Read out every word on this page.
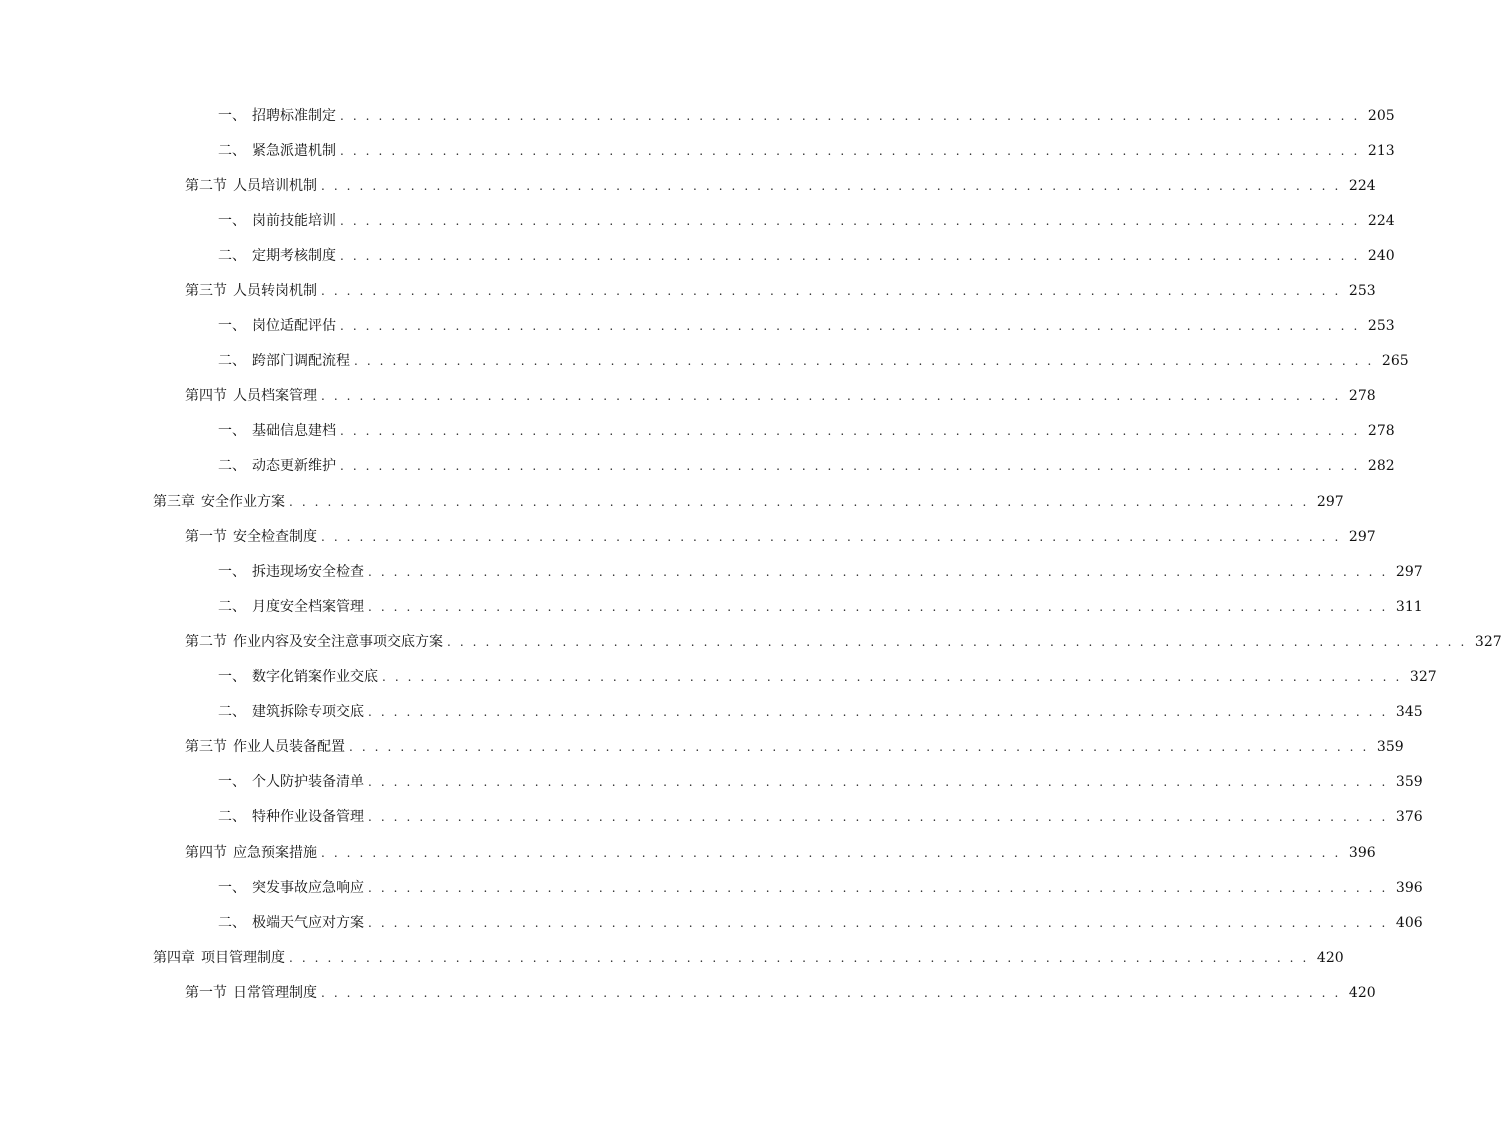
一、 招聘标准制定 . . . . . . . . . . . . . . . . . . . . . . . . . . . . . . . . . . . . . . . . . . . . . . . . . . . . . . . . . . . . . . . . . . . . . . . . . . . . . . . . 205
二、 紧急派遣机制 . . . . . . . . . . . . . . . . . . . . . . . . . . . . . . . . . . . . . . . . . . . . . . . . . . . . . . . . . . . . . . . . . . . . . . . . . . . . . . . . 213
第二节 人员培训机制 . . . . . . . . . . . . . . . . . . . . . . . . . . . . . . . . . . . . . . . . . . . . . . . . . . . . . . . . . . . . . . . . . . . . . . . . . . . . . . . . 224
一、 岗前技能培训 . . . . . . . . . . . . . . . . . . . . . . . . . . . . . . . . . . . . . . . . . . . . . . . . . . . . . . . . . . . . . . . . . . . . . . . . . . . . . . . . 224
二、 定期考核制度 . . . . . . . . . . . . . . . . . . . . . . . . . . . . . . . . . . . . . . . . . . . . . . . . . . . . . . . . . . . . . . . . . . . . . . . . . . . . . . . . 240
第三节 人员转岗机制 . . . . . . . . . . . . . . . . . . . . . . . . . . . . . . . . . . . . . . . . . . . . . . . . . . . . . . . . . . . . . . . . . . . . . . . . . . . . . . . . 253
一、 岗位适配评估 . . . . . . . . . . . . . . . . . . . . . . . . . . . . . . . . . . . . . . . . . . . . . . . . . . . . . . . . . . . . . . . . . . . . . . . . . . . . . . . . 253
二、 跨部门调配流程 . . . . . . . . . . . . . . . . . . . . . . . . . . . . . . . . . . . . . . . . . . . . . . . . . . . . . . . . . . . . . . . . . . . . . . . . . . . . . . . . 265
第四节 人员档案管理 . . . . . . . . . . . . . . . . . . . . . . . . . . . . . . . . . . . . . . . . . . . . . . . . . . . . . . . . . . . . . . . . . . . . . . . . . . . . . . . . 278
一、 基础信息建档 . . . . . . . . . . . . . . . . . . . . . . . . . . . . . . . . . . . . . . . . . . . . . . . . . . . . . . . . . . . . . . . . . . . . . . . . . . . . . . . . 278
二、 动态更新维护 . . . . . . . . . . . . . . . . . . . . . . . . . . . . . . . . . . . . . . . . . . . . . . . . . . . . . . . . . . . . . . . . . . . . . . . . . . . . . . . . 282
第三章 安全作业方案 . . . . . . . . . . . . . . . . . . . . . . . . . . . . . . . . . . . . . . . . . . . . . . . . . . . . . . . . . . . . . . . . . . . . . . . . . . . . . . . . 297
第一节 安全检查制度 . . . . . . . . . . . . . . . . . . . . . . . . . . . . . . . . . . . . . . . . . . . . . . . . . . . . . . . . . . . . . . . . . . . . . . . . . . . . . . . . 297
一、 拆违现场安全检查 . . . . . . . . . . . . . . . . . . . . . . . . . . . . . . . . . . . . . . . . . . . . . . . . . . . . . . . . . . . . . . . . . . . . . . . . . . . . . . . . 297
二、 月度安全档案管理 . . . . . . . . . . . . . . . . . . . . . . . . . . . . . . . . . . . . . . . . . . . . . . . . . . . . . . . . . . . . . . . . . . . . . . . . . . . . . . . . 311
第二节 作业内容及安全注意事项交底方案 . . . . . . . . . . . . . . . . . . . . . . . . . . . . . . . . . . . . . . . . . . . . . . . . . . . . . . . . . . . . . . . . . . . . . . . . . . . . . . . . 327
一、 数字化销案作业交底 . . . . . . . . . . . . . . . . . . . . . . . . . . . . . . . . . . . . . . . . . . . . . . . . . . . . . . . . . . . . . . . . . . . . . . . . . . . . . . . . 327
二、 建筑拆除专项交底 . . . . . . . . . . . . . . . . . . . . . . . . . . . . . . . . . . . . . . . . . . . . . . . . . . . . . . . . . . . . . . . . . . . . . . . . . . . . . . . . 345
第三节 作业人员装备配置 . . . . . . . . . . . . . . . . . . . . . . . . . . . . . . . . . . . . . . . . . . . . . . . . . . . . . . . . . . . . . . . . . . . . . . . . . . . . . . . . 359
一、 个人防护装备清单 . . . . . . . . . . . . . . . . . . . . . . . . . . . . . . . . . . . . . . . . . . . . . . . . . . . . . . . . . . . . . . . . . . . . . . . . . . . . . . . . 359
二、 特种作业设备管理 . . . . . . . . . . . . . . . . . . . . . . . . . . . . . . . . . . . . . . . . . . . . . . . . . . . . . . . . . . . . . . . . . . . . . . . . . . . . . . . . 376
第四节 应急预案措施 . . . . . . . . . . . . . . . . . . . . . . . . . . . . . . . . . . . . . . . . . . . . . . . . . . . . . . . . . . . . . . . . . . . . . . . . . . . . . . . . 396
一、 突发事故应急响应 . . . . . . . . . . . . . . . . . . . . . . . . . . . . . . . . . . . . . . . . . . . . . . . . . . . . . . . . . . . . . . . . . . . . . . . . . . . . . . . . 396
二、 极端天气应对方案 . . . . . . . . . . . . . . . . . . . . . . . . . . . . . . . . . . . . . . . . . . . . . . . . . . . . . . . . . . . . . . . . . . . . . . . . . . . . . . . . 406
第四章 项目管理制度 . . . . . . . . . . . . . . . . . . . . . . . . . . . . . . . . . . . . . . . . . . . . . . . . . . . . . . . . . . . . . . . . . . . . . . . . . . . . . . . . 420
第一节 日常管理制度 . . . . . . . . . . . . . . . . . . . . . . . . . . . . . . . . . . . . . . . . . . . . . . . . . . . . . . . . . . . . . . . . . . . . . . . . . . . . . . . . 420
